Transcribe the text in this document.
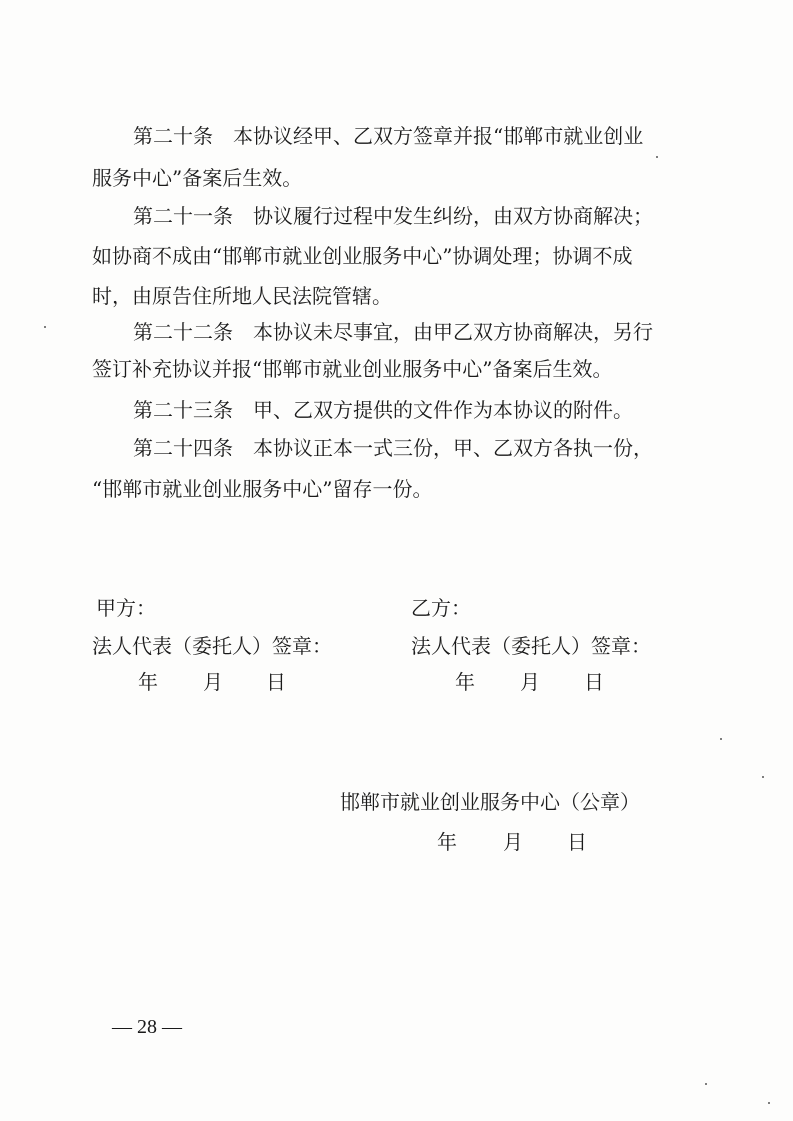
第二十条　本协议经甲、乙双方签章并报“邯郸市就业创业
服务中心”备案后生效。
第二十一条　协议履行过程中发生纠纷，由双方协商解决；
如协商不成由“邯郸市就业创业服务中心”协调处理；协调不成
时，由原告住所地人民法院管辖。
第二十二条　本协议未尽事宜，由甲乙双方协商解决，另行
签订补充协议并报“邯郸市就业创业服务中心”备案后生效。
第二十三条　甲、乙双方提供的文件作为本协议的附件。
第二十四条　本协议正本一式三份，甲、乙双方各执一份，
“邯郸市就业创业服务中心”留存一份。
甲方：
法人代表（委托人）签章：
年 月 日
乙方：
法人代表（委托人）签章：
年 月 日
邯郸市就业创业服务中心（公章）
年 月 日
— 28 —
